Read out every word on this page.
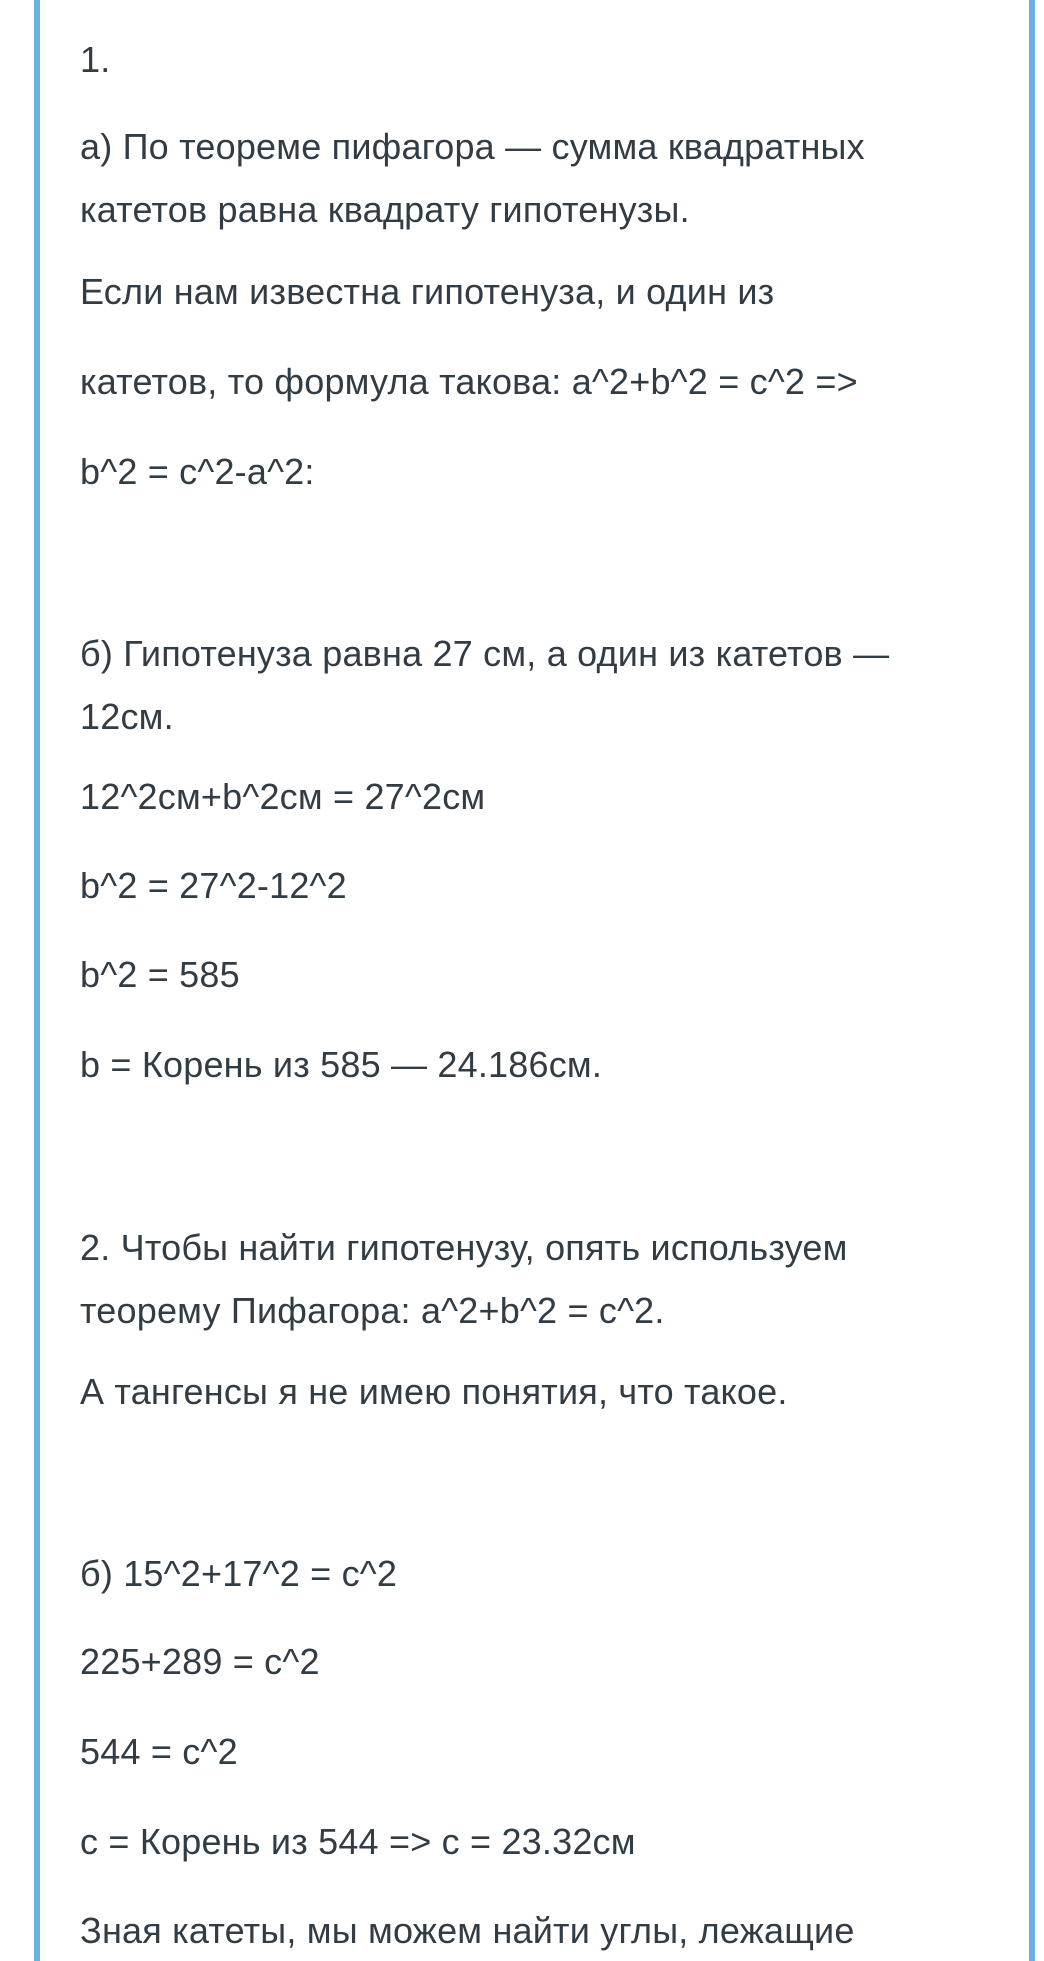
1.

а) По теореме пифагора — сумма квадратных

катетов равна квадрату гипотенузы.

Если нам известна гипотенуза, и один из

катетов, то формула такова: a^2+b^2 = c^2 =>

b^2 = c^2-a^2:

б) Гипотенуза равна 27 см, а один из катетов —

12см.

12^2см+b^2см = 27^2см

b^2 = 27^2-12^2

b^2 = 585

b = Корень из 585 — 24.186см.

2. Чтобы найти гипотенузу, опять используем

теорему Пифагора: a^2+b^2 = c^2.

А тангенсы я не имею понятия, что такое.

б) 15^2+17^2 = c^2

225+289 = c^2

544 = c^2

c = Корень из 544 => c = 23.32см

Зная катеты, мы можем найти углы, лежащие
